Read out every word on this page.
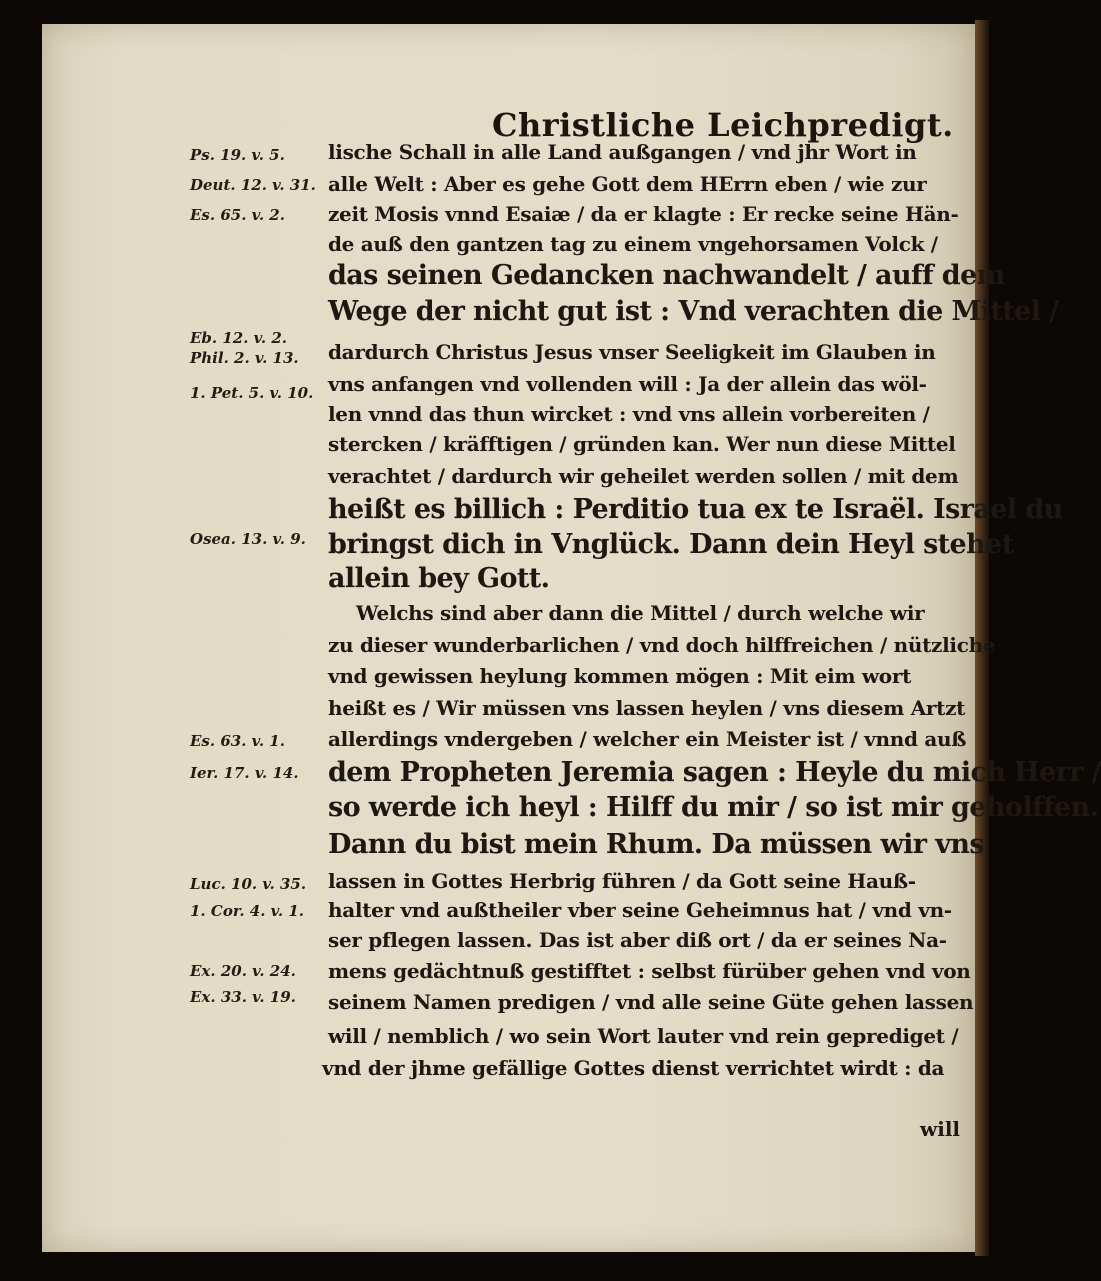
Christliche Leichpredigt.
Ps. 19. v. 5.
Deut. 12. v. 31.
Es. 65. v. 2.
Eb. 12. v. 2.
Phil. 2. v. 13.
1. Pet. 5. v. 10.
Osea. 13. v. 9.
Es. 63. v. 1.
Ier. 17. v. 14.
Luc. 10. v. 35.
1. Cor. 4. v. 1.
Ex. 20. v. 24.
Ex. 33. v. 19.
lische Schall in alle Land außgangen / vnd jhr Wort in
alle Welt : Aber es gehe Gott dem HErrn eben / wie zur
zeit Mosis vnnd Esaiæ / da er klagte : Er recke seine Hän-
de auß den gantzen tag zu einem vngehorsamen Volck /
das seinen Gedancken nachwandelt / auff dem
Wege der nicht gut ist : Vnd verachten die Mittel /
dardurch Christus Jesus vnser Seeligkeit im Glauben in
vns anfangen vnd vollenden will : Ja der allein das wöl-
len vnnd das thun wircket : vnd vns allein vorbereiten /
stercken / kräfftigen / gründen kan. Wer nun diese Mittel
verachtet / dardurch wir geheilet werden sollen / mit dem
heißt es billich : Perditio tua ex te Israël. Israel du
bringst dich in Vnglück. Dann dein Heyl stehet
allein bey Gott.
Welchs sind aber dann die Mittel / durch welche wir
zu dieser wunderbarlichen / vnd doch hilffreichen / nützliche
vnd gewissen heylung kommen mögen : Mit eim wort
heißt es / Wir müssen vns lassen heylen / vns diesem Artzt
allerdings vndergeben / welcher ein Meister ist / vnnd auß
dem Propheten Jeremia sagen : Heyle du mich Herr /
so werde ich heyl : Hilff du mir / so ist mir geholffen.
Dann du bist mein Rhum. Da müssen wir vns
lassen in Gottes Herbrig führen / da Gott seine Hauß-
halter vnd außtheiler vber seine Geheimnus hat / vnd vn-
ser pflegen lassen. Das ist aber diß ort / da er seines Na-
mens gedächtnuß gestifftet : selbst fürüber gehen vnd von
seinem Namen predigen / vnd alle seine Güte gehen lassen
will / nemblich / wo sein Wort lauter vnd rein geprediget /
vnd der jhme gefällige Gottes dienst verrichtet wirdt : da
will
